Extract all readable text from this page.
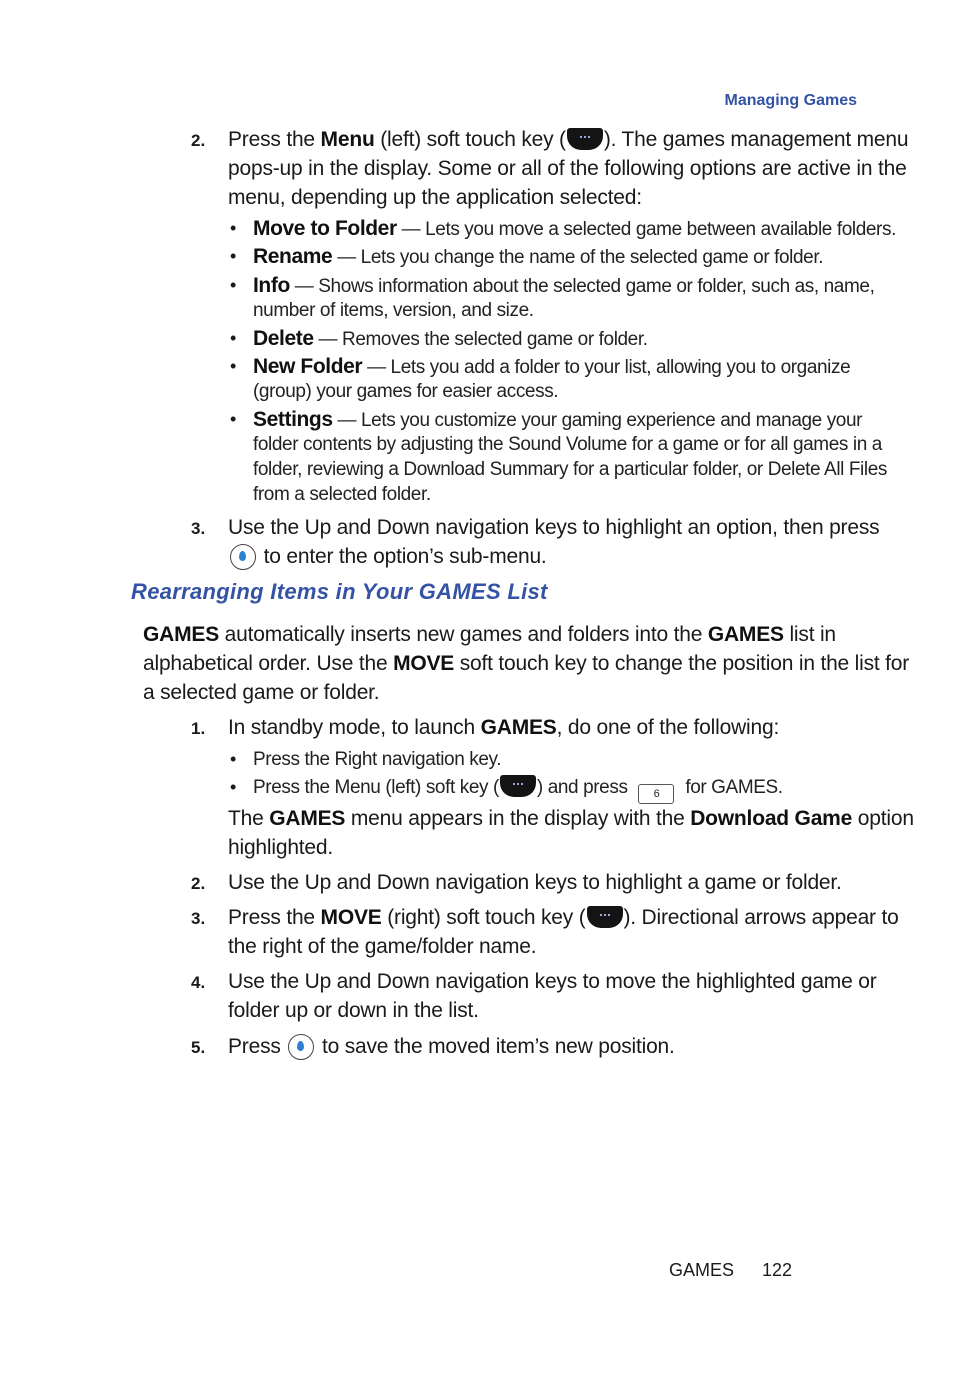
Managing Games
2. Press the Menu (left) soft touch key ( ). The games management menu
pops-up in the display. Some or all of the following options are active in the
menu, depending up the application selected:
• Move to Folder — Lets you move a selected game between available folders.
• Rename — Lets you change the name of the selected game or folder.
• Info — Shows information about the selected game or folder, such as, name,
number of items, version, and size.
• Delete — Removes the selected game or folder.
• New Folder — Lets you add a folder to your list, allowing you to organize
(group) your games for easier access.
• Settings — Lets you customize your gaming experience and manage your
folder contents by adjusting the Sound Volume for a game or for all games in a
folder, reviewing a Download Summary for a particular folder, or Delete All Files
from a selected folder.
3. Use the Up and Down navigation keys to highlight an option, then press
to enter the option’s sub-menu.
Rearranging Items in Your GAMES List
GAMES automatically inserts new games and folders into the GAMES list in
alphabetical order. Use the MOVE soft touch key to change the position in the list for
a selected game or folder.
1. In standby mode, to launch GAMES, do one of the following:
• Press the Right navigation key.
• Press the Menu (left) soft key ( ) and press 6 for GAMES.
The GAMES menu appears in the display with the Download Game option
highlighted.
2. Use the Up and Down navigation keys to highlight a game or folder.
3. Press the MOVE (right) soft touch key ( ). Directional arrows appear to
the right of the game/folder name.
4. Use the Up and Down navigation keys to move the highlighted game or
folder up or down in the list.
5. Press  to save the moved item’s new position.
GAMES 122
